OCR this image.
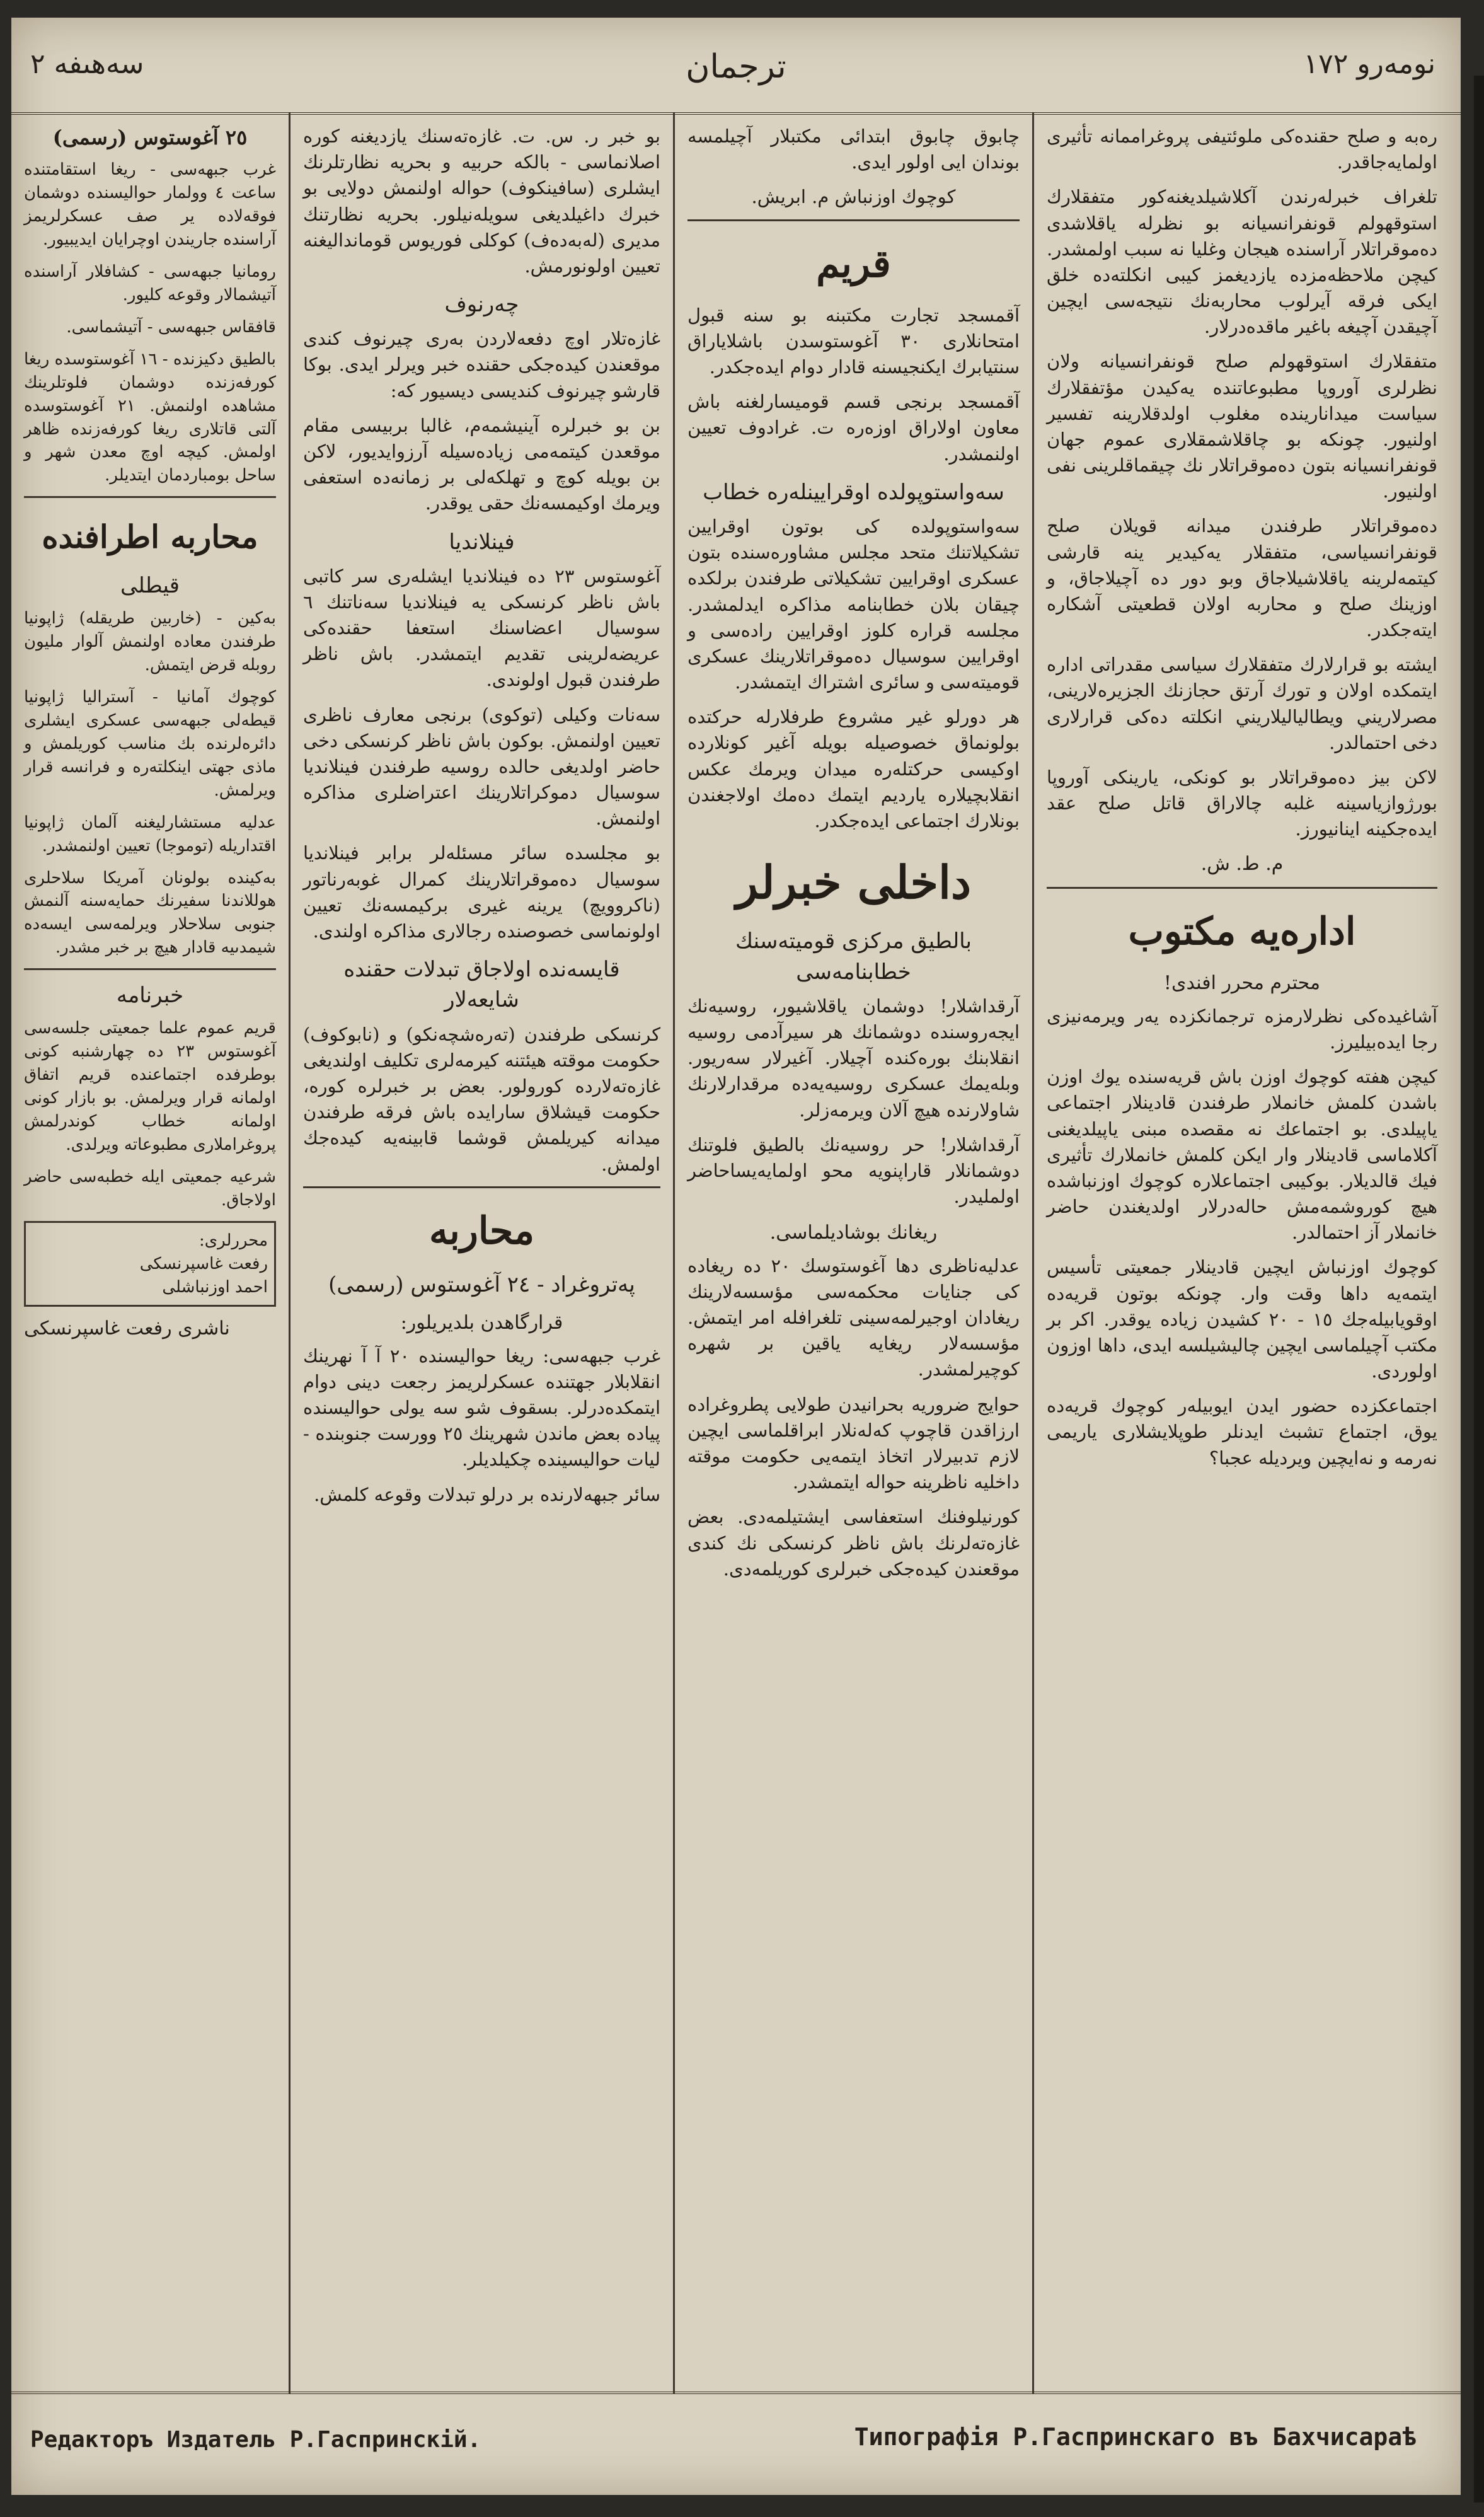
سەھىفە ٢	ترجمان	نومەرو ١٧٢
٢٥ آغوستوس (رسمى)

غرب جبهەسى - ريغا استقامتندە ساعت ٤ وولمار حواليسندە دوشمان فوقەلادە ير صف عسكرلريمز آراسندە جاريندن اوچرايان ايديبيور.

رومانيا جبهەسى - كشافلار آراسندە آتيشمالار وقوعە كليور.

قافقاس جبهەسى - آتيشماسى.

بالطيق دكيزندە - ١٦ آغوستوسدە ريغا كورفەزندە دوشمان فلوتلرينك مشاهدە اولنمش. ٢١ آغوستوسدە آلتى قاتلارى ريغا كورفەزندە ظاهر اولمش. كيچە اوچ معدن شهر و ساحل بومباردمان ايتديلر.

محاربە اطرافندە
قيطلى

بەكين - (خاربين طريقلە) ژاپونيا طرفندن معادە اولنمش آلوار مليون روبلە قرض ايتمش.

كوچوك آمانيا - آستراليا ژاپونيا قيطەلى جبهەسى عسكرى ايشلرى دائرەلرندە بك مناسب كوريلمش و ماذى جهتى اينكلتەرە و فرانسە قرار ويرلمش.

عدليە مستشارليغنە آلمان ژاپونيا اقتداريلە (توموجا) تعيين اولنمشدر.

بەكيندە بولونان آمريكا سلاحلرى هوللاندنا سفيرنك حمايەسنە آلنمش جنوبى سلاحلار ويرلمەسى ايسەدە شيمدىيە قادار هيچ بر خبر مشدر.

خبرنامە

قريم عموم علما جمعيتى جلسەسى آغوستوس ٢٣ دە چهارشنبە كونى بوطرفدە اجتماعندە قريم اتفاق اولمانە قرار ويرلمش. بو بازار كونى اولمانە خطاب كوندرلمش پروغراملارى مطبوعاتە ويرلدى.

شرعيە جمعيتى ايله خطبەسى حاضر اولاجاق.

محررلرى:
رفعت غاسپرنسكى
احمد اوزنباشلى
ناشرى رفعت غاسپرنسكى

بو خبر ر. س. ت. غازەتەسنك يازديغنە كورە اصلانماسى - بالكە حربيە و بحريە نظارتلرنك ايشلرى (سافينكوف) حوالە اولنمش دولايى بو خبرك داغيلديغى سويلەنيلور. بحريە نظارتنك مديرى (لەبەدەف) كوكلى فوريوس قومانداليغنە تعيين اولونورمش.

چەرنوف

غازەتلار اوچ دفعەلاردن بەرى چيرنوف كندى موقعندن كيدەجكى حقندە خبر ويرلر ايدى. بوكا قارشو چيرنوف كنديسى ديسيور كە:

بن بو خبرلرە آينيشمەم، غالبا بربيسى مقام موقعدن كيتمەمى زيادەسيلە آرزوايديور، لاكن بن بويلە كوچ و تهلكەلى بر زمانەدە استعفى ويرمك اوكيمسەنك حقى يوقدر.

فينلانديا

آغوستوس ٢٣ دە فينلانديا ايشلەرى سر كاتبى باش ناظر كرنسكى يە فينلانديا سەناتنك ٦ سوسيال اعضاسنك استعفا حقندەكى عريضەلرينى تقديم ايتمشدر. باش ناظر طرفندن قبول اولوندى.

سەنات وكيلى (توكوى) برنجى معارف ناظرى تعيين اولنمش. بوكون باش ناظر كرنسكى دخى حاضر اولديغى حالدە روسيە طرفندن فينلانديا سوسيال دموكراتلارينك اعتراضلرى مذاكرە اولنمش.

بو مجلسدە سائر مسئلەلر برابر فينلانديا سوسيال دەموقراتلارينك كمرال غوبەرناتور (ناكروويچ) يرينە غيرى بركيمسەنك تعيين اولونماسى خصوصندە رجالارى مذاكرە اولندى.

قايسەندە اولاجاق تبدلات حقندە شايعەلار

كرنسكى طرفندن (تەرەشچەنكو) و (نابوكوف) حكومت موقتە هيئتنە كيرمەلرى تكليف اولنديغى غازەتەلاردە كورولور. بعض بر خبرلرە كورە، حكومت قيشلاق سارايدە باش فرقە طرفندن ميدانە كيريلمش قوشما قابينەيە كيدەجك اولمش.

محاربە
پەتروغراد - ٢٤ آغوستوس (رسمى)
قرارگاهدن بلديريلور:

غرب جبهەسى: ريغا حواليسندە ٢٠ آ آ نهرينك انقلابلار جهتندە عسكرلريمز رجعت دينى دوام ايتمكدەدرلر. بسقوف شو سە يولى حواليسندە پيادە بعض ماندن شهرينك ٢٥ وورست جنوبندە - ليات حواليسيندە چكيلديلر.

سائر جبهەلارندە بر درلو تبدلات وقوعە كلمش.

چابوق چابوق ابتدائى مكتبلار آچيلمسە بوندان ايى اولور ايدى.

كوچوك اوزنباش م. ابريش.

قريم

آقمسجد تجارت مكتبنە بو سنە قبول امتحانلارى ٣٠ آغوستوسدن باشلاياراق سنتيابرك ايكنجيسنە قادار دوام ايدەجكدر.

آقمسجد برنجى قسم قوميسارلغنە باش معاون اولاراق اوزەرە ت. غرادوف تعيين اولنمشدر.

سەواستوپولدە اوقرايينلەرە خطاب

سەواستوپولدە كى بوتون اوقرايين تشكيلاتنك متحد مجلس مشاورەسندە بتون عسكرى اوقرايين تشكيلاتى طرفندن برلكدە چيقان بلان خطابنامە مذاكرە ايدلمشدر. مجلسە قرارە كلوز اوقرايين رادەسى و اوقرايين سوسيال دەموقراتلارينك عسكرى قوميتەسى و سائرى اشتراك ايتمشدر.

هر دورلو غير مشروع طرفلارلە حركتدە بولونماق خصوصيلە بويلە آغير كونلاردە اوكيسى حركتلەرە ميدان ويرمك عكس انقلابچيلارە يارديم ايتمك دەمك اولاجغندن بونلارك اجتماعى ايدەجكدر.

داخلى خبرلر
بالطيق مركزى قوميتەسنك خطابنامەسى

آرقداشلار! دوشمان ياقلاشيور، روسيەنك ايجەروسندە دوشمانك هر سيرآدمى روسيە انقلابنك بورەكندە آچيلار. آغيرلار سەريور. وبلەيمك عسكرى روسيەيەدە مرقدارلارنك شاولارندە هيچ آلان ويرمەزلر.

آرقداشلار! حر روسيەنك بالطيق فلوتنك دوشمانلار قاراپنويە محو اولمايەيساحاضر اولمليدر.

ريغانك بوشاديلماسى.

عدليەناظرى دها آغوستوسك ٢٠ دە ريغادە كى جنايات محكمەسى مؤسسەلارينك ريغادان اوجيرلمەسينى تلغرافلە امر ايتمش. مؤسسەلار ريغايە ياقين بر شهرە كوچيرلمشدر.

حوايج ضروريە بحرانيدن طولايى پطروغرادە ارزاقدن قاچوپ كەلەنلار ابراقلماسى ايچين لازم تدبيرلار اتخاذ ايتمەيى حكومت موقتە داخليە ناظرينە حواله ايتمشدر.

كورنيلوفنك استعفاسى ايشتيلمەدى. بعض غازەتەلرنك باش ناظر كرنسكى نك كندى موقعندن كيدەجكى خبرلرى كوريلمەدى.

رەبە و صلح حقندەكى ملوئتيفى پروغراممانە تأثيرى اولمايەجاقدر.

تلغراف خبرلەرندن آكلاشيلديغنەكور متفقلارك استوقهولم قونفرانسيانە بو نظرلە ياقلاشدى دەموقراتلار آراسندە هيجان وغليا نە سبب اولمشدر. كيچن ملاحظەمزدە يازديغمز كيبى انكلتەدە خلق ايكى فرقە آيرلوب محاربەنك نتيجەسى ايچين آچيقدن آچيغە باغير ماقدەدرلار.

متفقلارك استوقهولم صلح قونفرانسيانە ولان نظرلرى آوروپا مطبوعاتندە يەكيدن مؤتفقلارك سياست ميداناريندە مغلوب اولدقلارينە تفسير اولنيور. چونكە بو چاقلاشمقلارى عموم جهان قونفرانسيانە بتون دەموقراتلار نك چيقماقلرينى نفى اولنيور.

دەموقراتلار طرفندن ميدانە قويلان صلح قونفرانسياسى، متفقلار يەكيدير ينە قارشى كيتمەلرينە ياقلاشيلاجاق وبو دور دە آچيلاجاق، و اوزينك صلح و محاربە اولان قطعيتى آشكارە ايتەجكدر.

ايشتە بو قرارلارك متفقلارك سياسى مقدراتى ادارە ايتمكدە اولان و تورك آرتق حجازنك الجزيرەلارينى، مصرلاريني ويطالياليلاريني انكلتە دەكى قرارلارى دخى احتمالدر.

لاكن بيز دەموقراتلار بو كونكى، يارينكى آوروپا بورژوازياسينە غلبە چالاراق قاتل صلح عقد ايدەجكينە اينانيورز.

م. ط. ش.
ادارەيە مكتوب
محترم محرر افندى!

آشاغيدەكى نظرلارمزە ترجمانكزدە يەر ويرمەنيزى رجا ايدەبيليرز.

كيچن هفتە كوچوك اوزن باش قريەسندە يوك اوزن باشدن كلمش خانملار طرفندن قادينلار اجتماعى ياپيلدى. بو اجتماعك نە مقصدە مبنى ياپيلديغنى آكلاماسى قادينلار وار ايكن كلمش خانملارك تأثيرى فيك قالديلار. بوكيبى اجتماعلارە كوچوك اوزنباشدە هيچ كوروشمەمش حالەدرلار اولديغندن حاضر خانملار آز احتمالدر.

كوچوك اوزنباش ايچين قادينلار جمعيتى تأسيس ايتمەيە داها وقت وار. چونكە بوتون قريەدە اوقويابيلەجك ١٥ - ٢٠ كشيدن زيادە يوقدر. اكر بر مكتب آچيلماسى ايچين چاليشيلسە ايدى، داها اوزون اولوردى.

اجتماعكزدە حضور ايدن ايوبيلەر كوچوك قريەدە يوق، اجتماع تشبث ايدنلر طوپلايشلارى ياريمى نەرمە و نەايچين ويرديلە عجبا؟

Редакторъ Издатель Р.Гаспринскій.	Типографія Р.Гаспринскаго въ Бахчисараѣ
